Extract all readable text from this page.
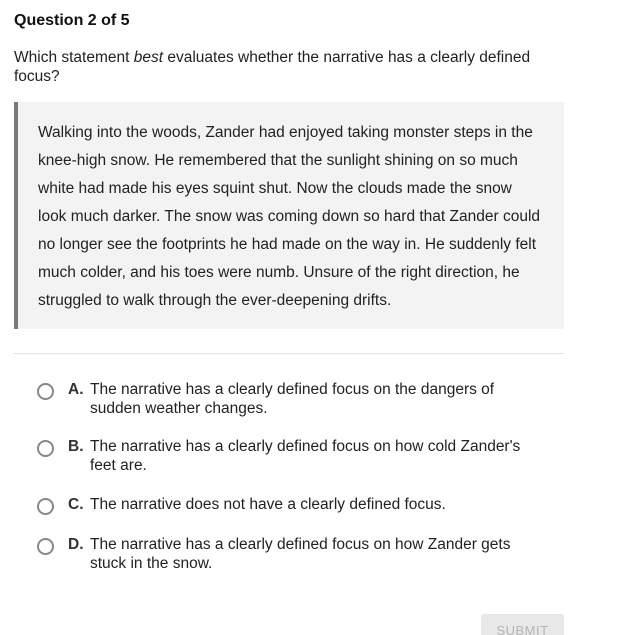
Question 2 of 5
Which statement best evaluates whether the narrative has a clearly defined focus?
Walking into the woods, Zander had enjoyed taking monster steps in the knee-high snow. He remembered that the sunlight shining on so much white had made his eyes squint shut. Now the clouds made the snow look much darker. The snow was coming down so hard that Zander could no longer see the footprints he had made on the way in. He suddenly felt much colder, and his toes were numb. Unsure of the right direction, he struggled to walk through the ever-deepening drifts.
A. The narrative has a clearly defined focus on the dangers of sudden weather changes.
B. The narrative has a clearly defined focus on how cold Zander's feet are.
C. The narrative does not have a clearly defined focus.
D. The narrative has a clearly defined focus on how Zander gets stuck in the snow.
SUBMIT
